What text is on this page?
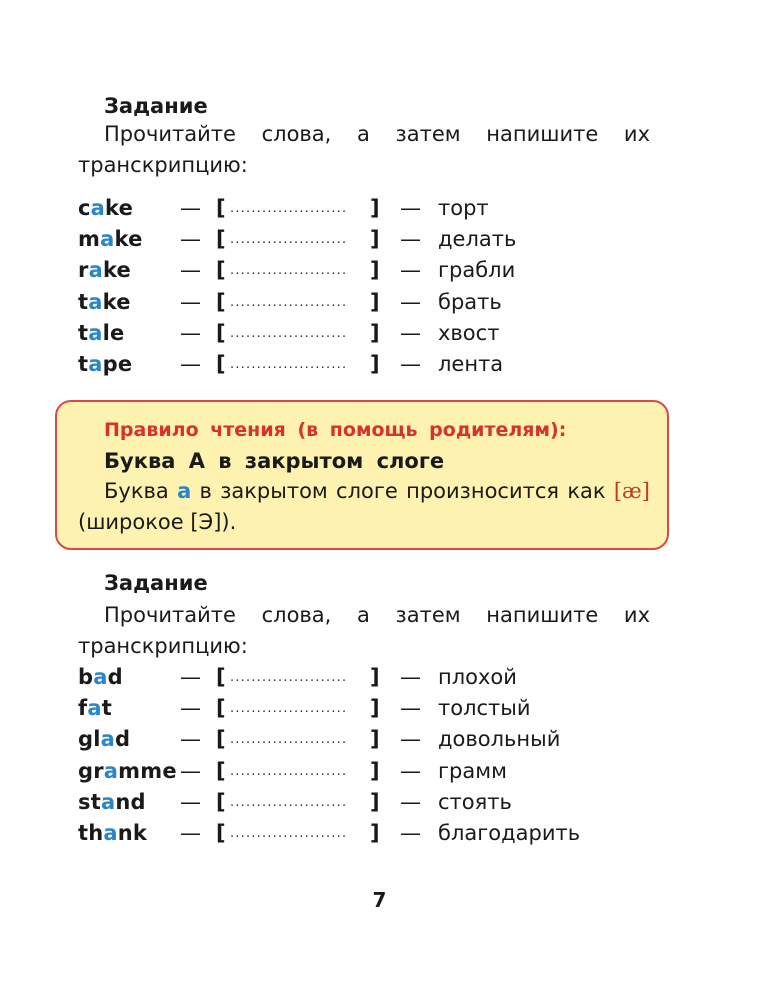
Задание
Прочитайте слова, а затем напишите их транскрипцию:
cake — [ ...................... ] — торт
make — [ ...................... ] — делать
rake — [ ...................... ] — грабли
take — [ ...................... ] — брать
tale	— [ ...................... ] — хвост
tape — [ ...................... ] — лента
Правило чтения (в помощь родителям):
Буква А в закрытом слоге
Буква а в закрытом слоге произносится как [æ] (широкое [Э]).
Задание
Прочитайте слова, а затем напишите их транскрипцию:
bad	— [ ...................... ] — плохой
fat	— [ ...................... ] — толстый
glad — [ ...................... ] — довольный
gramme — [ ...................... ] — грамм
stand — [ ...................... ] — стоять
thank — [ ...................... ] — благодарить
7
